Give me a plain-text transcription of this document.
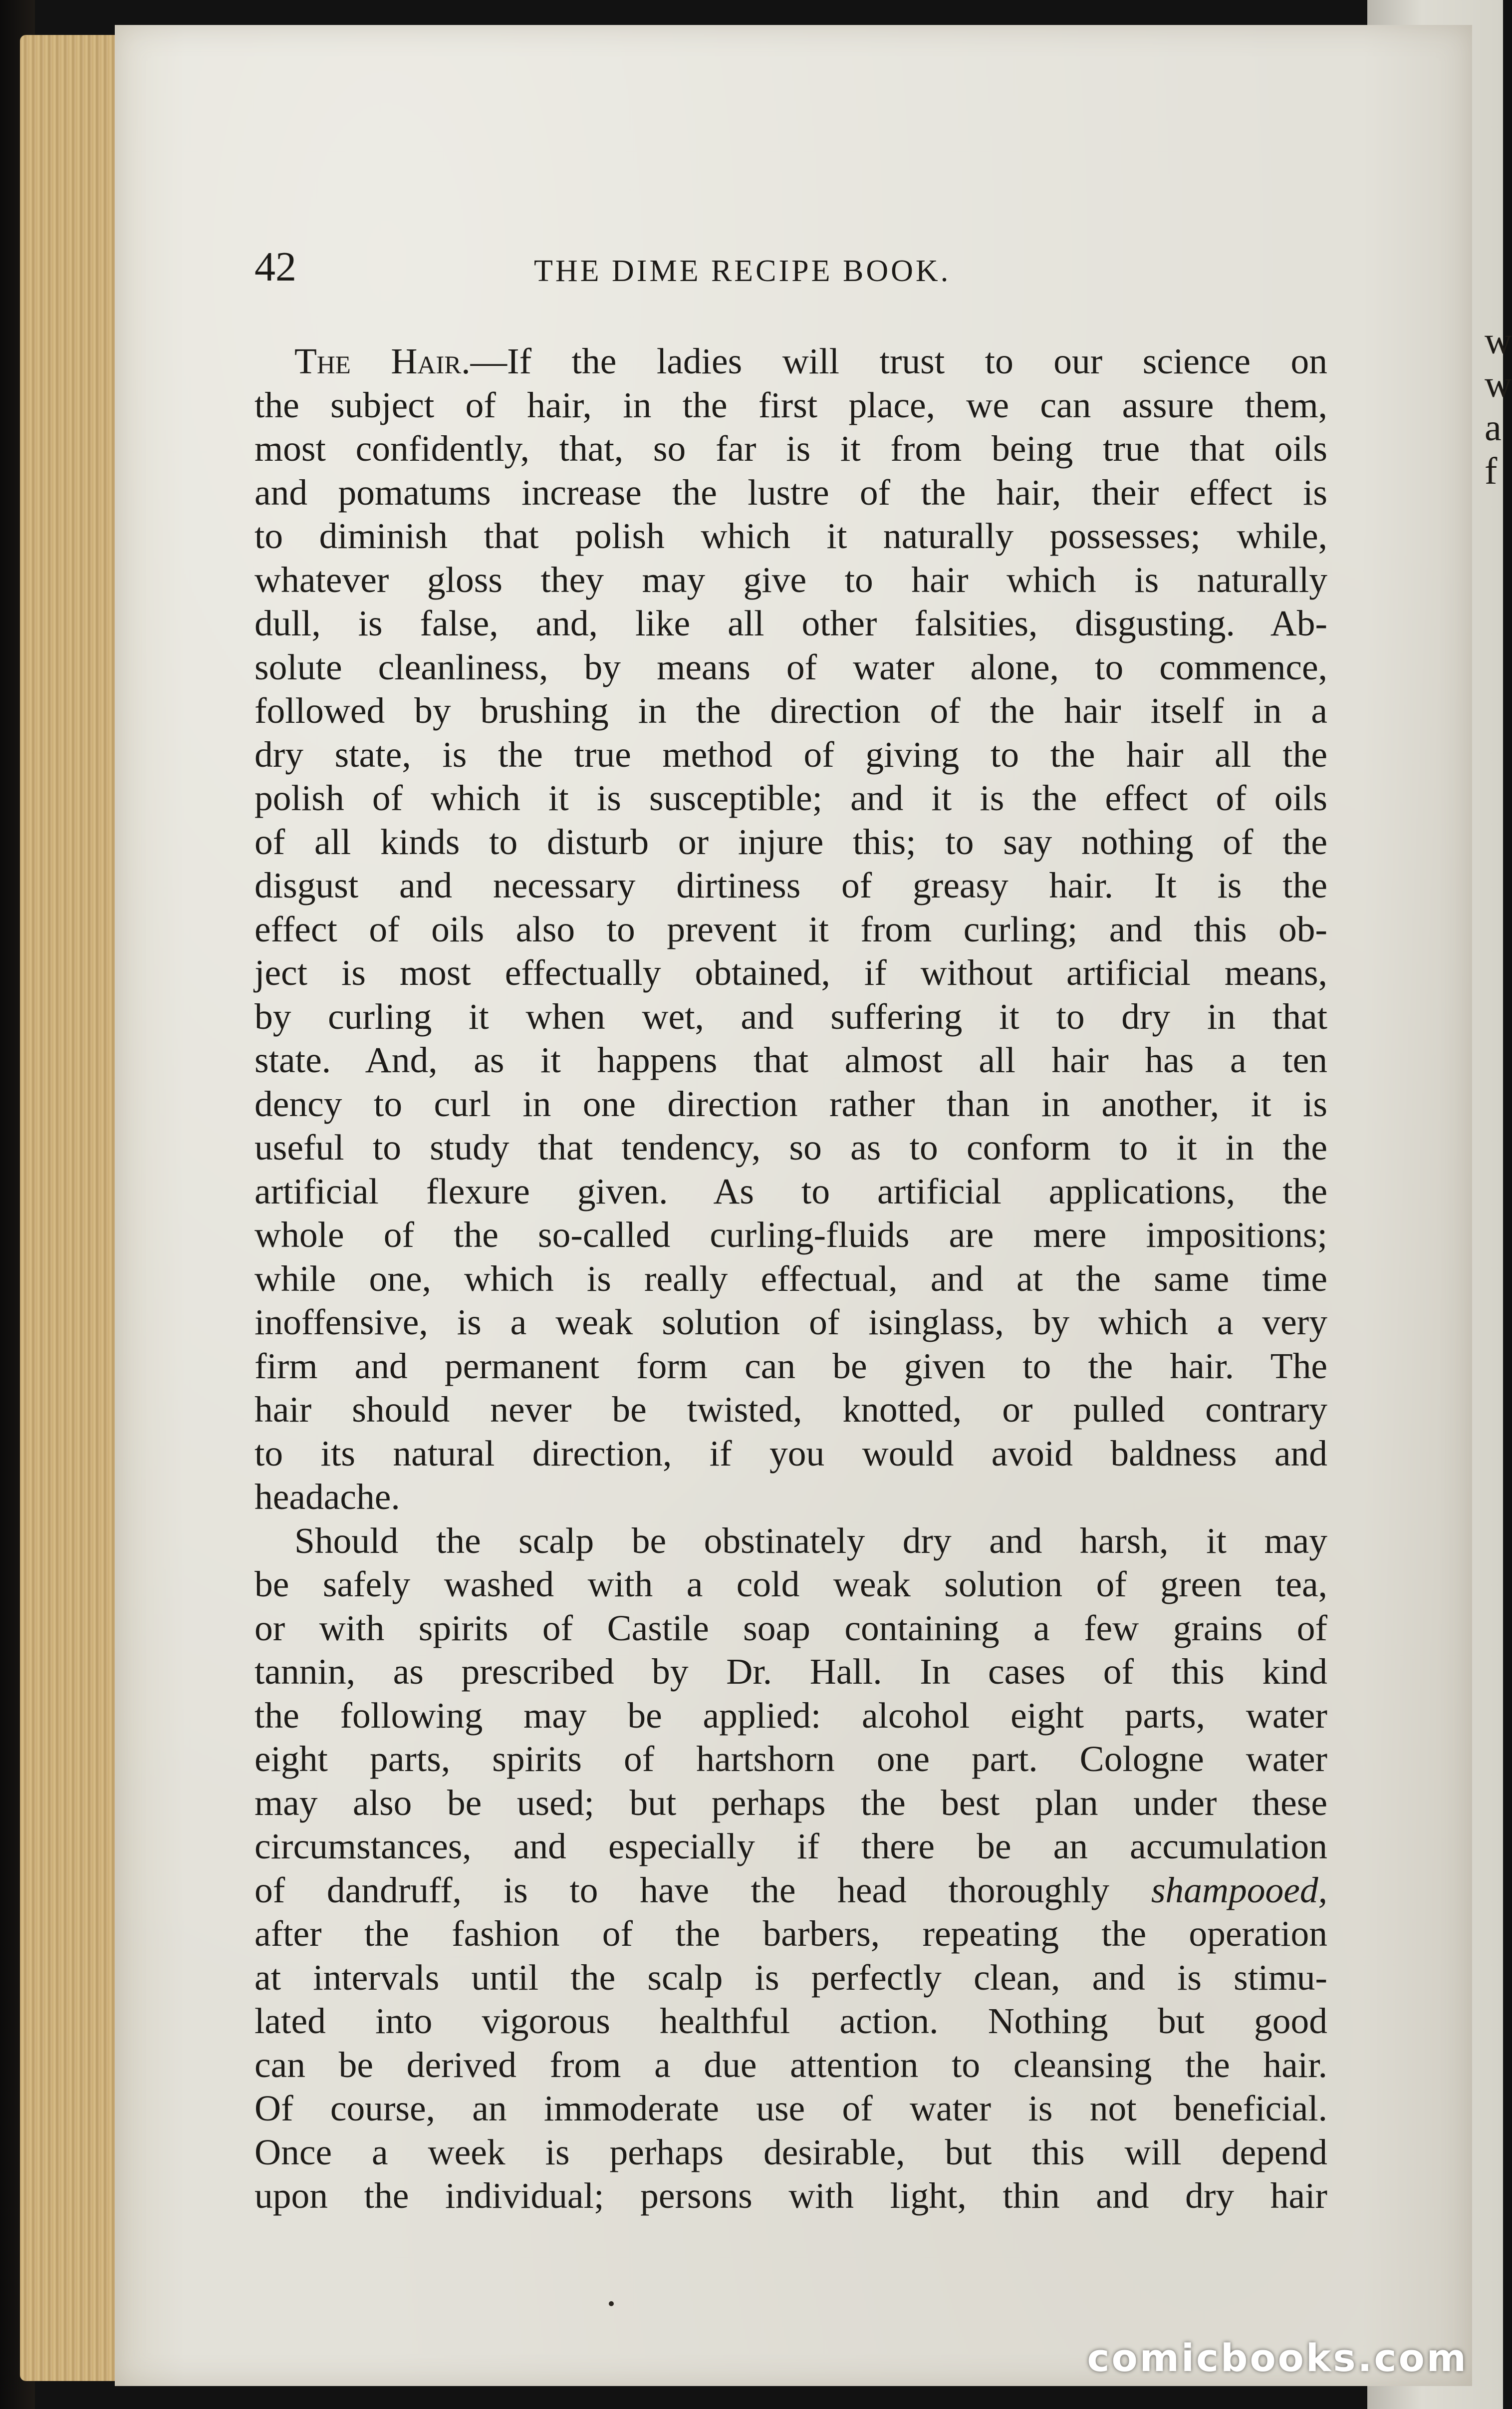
w
w
a
f
42	THE DIME RECIPE BOOK.
The Hair.—If the ladies will trust to our science on
the subject of hair, in the first place, we can assure them,
most confidently, that, so far is it from being true that oils
and pomatums increase the lustre of the hair, their effect is
to diminish that polish which it naturally possesses; while,
whatever gloss they may give to hair which is naturally
dull, is false, and, like all other falsities, disgusting. Ab-
solute cleanliness, by means of water alone, to commence,
followed by brushing in the direction of the hair itself in a
dry state, is the true method of giving to the hair all the
polish of which it is susceptible; and it is the effect of oils
of all kinds to disturb or injure this; to say nothing of the
disgust and necessary dirtiness of greasy hair. It is the
effect of oils also to prevent it from curling; and this ob-
ject is most effectually obtained, if without artificial means,
by curling it when wet, and suffering it to dry in that
state. And, as it happens that almost all hair has a ten
dency to curl in one direction rather than in another, it is
useful to study that tendency, so as to conform to it in the
artificial flexure given. As to artificial applications, the
whole of the so-called curling-fluids are mere impositions;
while one, which is really effectual, and at the same time
inoffensive, is a weak solution of isinglass, by which a very
firm and permanent form can be given to the hair. The
hair should never be twisted, knotted, or pulled contrary
to its natural direction, if you would avoid baldness and
headache.
Should the scalp be obstinately dry and harsh, it may
be safely washed with a cold weak solution of green tea,
or with spirits of Castile soap containing a few grains of
tannin, as prescribed by Dr. Hall. In cases of this kind
the following may be applied: alcohol eight parts, water
eight parts, spirits of hartshorn one part. Cologne water
may also be used; but perhaps the best plan under these
circumstances, and especially if there be an accumulation
of dandruff, is to have the head thoroughly shampooed,
after the fashion of the barbers, repeating the operation
at intervals until the scalp is perfectly clean, and is stimu-
lated into vigorous healthful action. Nothing but good
can be derived from a due attention to cleansing the hair.
Of course, an immoderate use of water is not beneficial.
Once a week is perhaps desirable, but this will depend
upon the individual; persons with light, thin and dry hair
comicbooks.com
